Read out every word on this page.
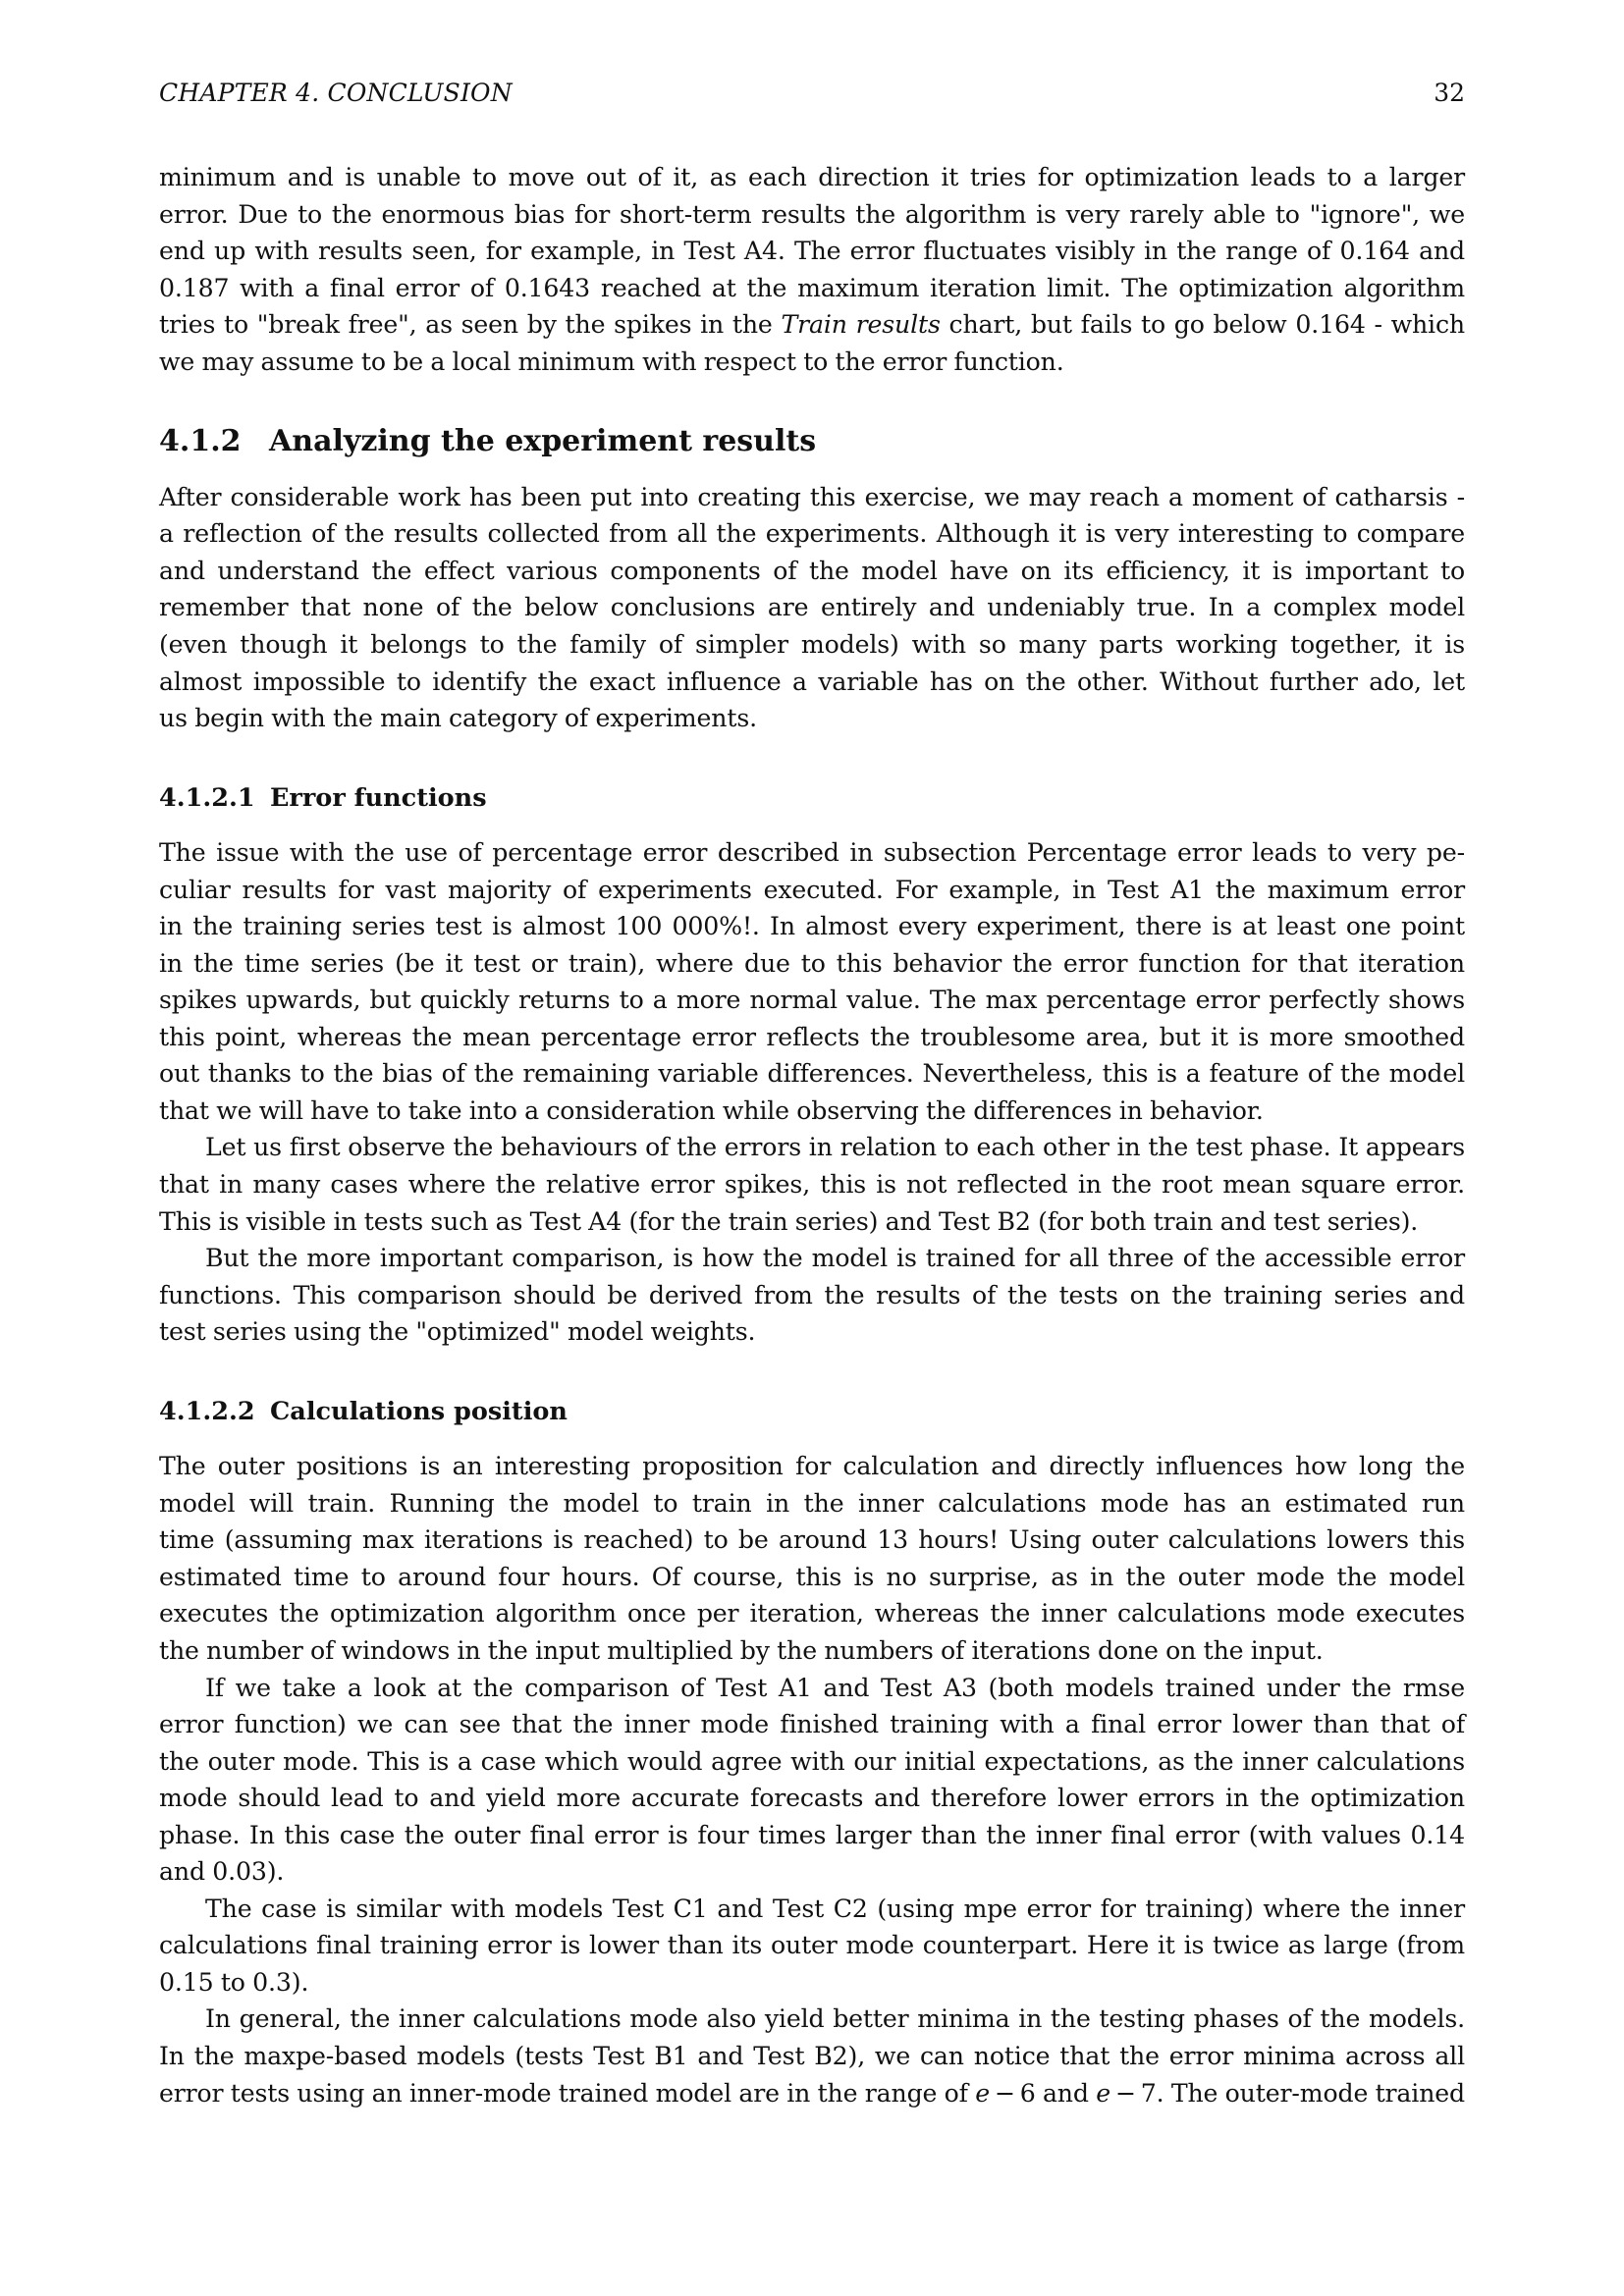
CHAPTER 4. CONCLUSION	32
minimum and is unable to move out of it, as each direction it tries for optimization leads to a larger
error. Due to the enormous bias for short-term results the algorithm is very rarely able to "ignore", we
end up with results seen, for example, in Test A4. The error fluctuates visibly in the range of 0.164 and
0.187 with a final error of 0.1643 reached at the maximum iteration limit. The optimization algorithm
tries to "break free", as seen by the spikes in the Train results chart, but fails to go below 0.164 - which
we may assume to be a local minimum with respect to the error function.
4.1.2 Analyzing the experiment results
After considerable work has been put into creating this exercise, we may reach a moment of catharsis -
a reflection of the results collected from all the experiments. Although it is very interesting to compare
and understand the effect various components of the model have on its efficiency, it is important to
remember that none of the below conclusions are entirely and undeniably true. In a complex model
(even though it belongs to the family of simpler models) with so many parts working together, it is
almost impossible to identify the exact influence a variable has on the other. Without further ado, let
us begin with the main category of experiments.
4.1.2.1 Error functions
The issue with the use of percentage error described in subsection Percentage error leads to very pe-
culiar results for vast majority of experiments executed. For example, in Test A1 the maximum error
in the training series test is almost 100 000%!. In almost every experiment, there is at least one point
in the time series (be it test or train), where due to this behavior the error function for that iteration
spikes upwards, but quickly returns to a more normal value. The max percentage error perfectly shows
this point, whereas the mean percentage error reflects the troublesome area, but it is more smoothed
out thanks to the bias of the remaining variable differences. Nevertheless, this is a feature of the model
that we will have to take into a consideration while observing the differences in behavior.
Let us first observe the behaviours of the errors in relation to each other in the test phase. It appears
that in many cases where the relative error spikes, this is not reflected in the root mean square error.
This is visible in tests such as Test A4 (for the train series) and Test B2 (for both train and test series).
But the more important comparison, is how the model is trained for all three of the accessible error
functions. This comparison should be derived from the results of the tests on the training series and
test series using the "optimized" model weights.
4.1.2.2 Calculations position
The outer positions is an interesting proposition for calculation and directly influences how long the
model will train. Running the model to train in the inner calculations mode has an estimated run
time (assuming max iterations is reached) to be around 13 hours! Using outer calculations lowers this
estimated time to around four hours. Of course, this is no surprise, as in the outer mode the model
executes the optimization algorithm once per iteration, whereas the inner calculations mode executes
the number of windows in the input multiplied by the numbers of iterations done on the input.
If we take a look at the comparison of Test A1 and Test A3 (both models trained under the rmse
error function) we can see that the inner mode finished training with a final error lower than that of
the outer mode. This is a case which would agree with our initial expectations, as the inner calculations
mode should lead to and yield more accurate forecasts and therefore lower errors in the optimization
phase. In this case the outer final error is four times larger than the inner final error (with values 0.14
and 0.03).
The case is similar with models Test C1 and Test C2 (using mpe error for training) where the inner
calculations final training error is lower than its outer mode counterpart. Here it is twice as large (from
0.15 to 0.3).
In general, the inner calculations mode also yield better minima in the testing phases of the models.
In the maxpe-based models (tests Test B1 and Test B2), we can notice that the error minima across all
error tests using an inner-mode trained model are in the range of e − 6 and e − 7. The outer-mode trained
